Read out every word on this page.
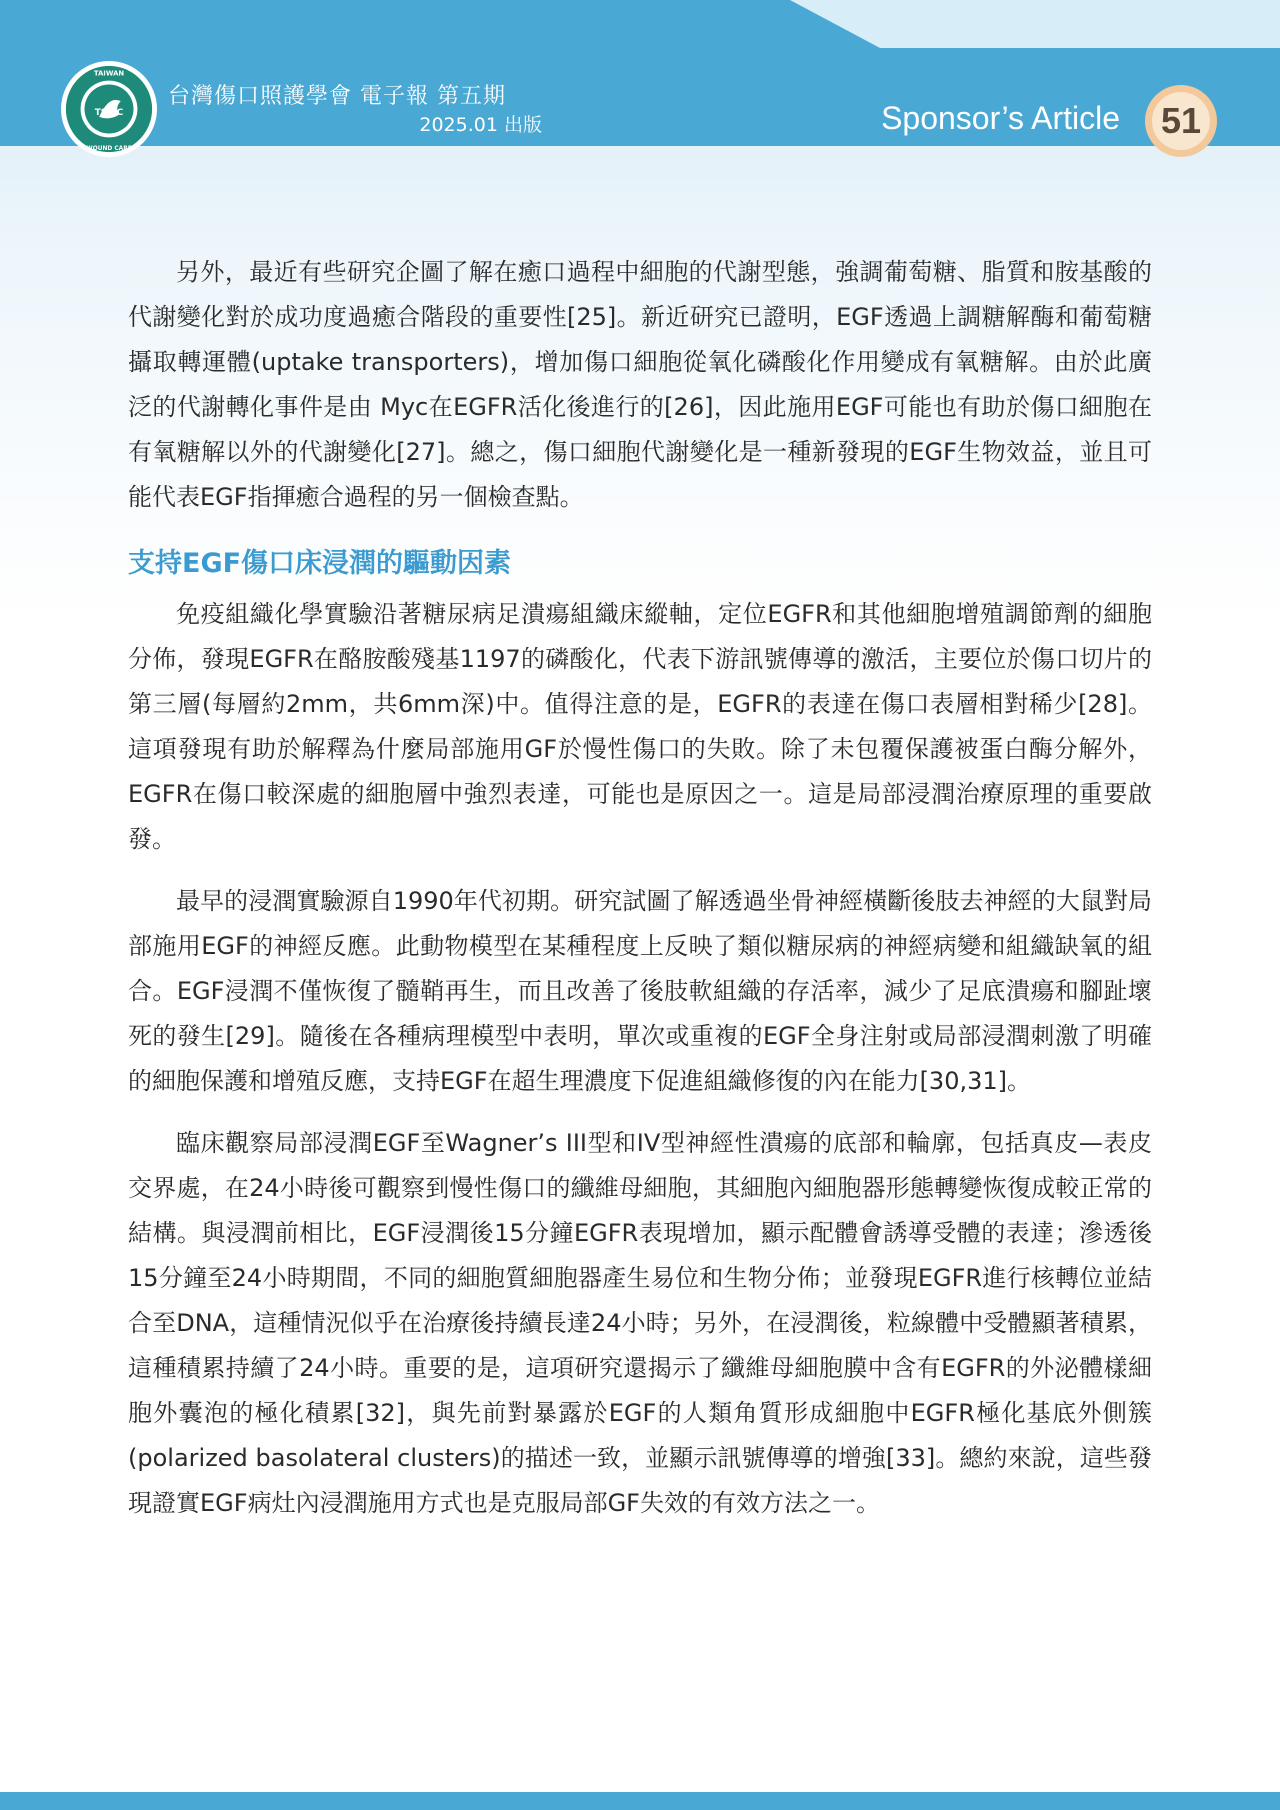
TSWC
TAIWAN
WOUND CARE
台灣傷口照護學會 電子報 第五期
2025.01 出版	Sponsor’s Article	51

另外，最近有些研究企圖了解在癒口過程中細胞的代謝型態，強調葡萄糖、脂質和胺基酸的代謝變化對於成功度過癒合階段的重要性[25]。新近研究已證明，EGF透過上調糖解酶和葡萄糖攝取轉運體(uptake transporters)，增加傷口細胞從氧化磷酸化作用變成有氧糖解。由於此廣泛的代謝轉化事件是由 Myc在EGFR活化後進行的[26]，因此施用EGF可能也有助於傷口細胞在有氧糖解以外的代謝變化[27]。總之，傷口細胞代謝變化是一種新發現的EGF生物效益，並且可能代表EGF指揮癒合過程的另一個檢查點。

支持EGF傷口床浸潤的驅動因素

免疫組織化學實驗沿著糖尿病足潰瘍組織床縱軸，定位EGFR和其他細胞增殖調節劑的細胞分佈，發現EGFR在酪胺酸殘基1197的磷酸化，代表下游訊號傳導的激活，主要位於傷口切片的第三層(每層約2mm，共6mm深)中。值得注意的是，EGFR的表達在傷口表層相對稀少[28]。這項發現有助於解釋為什麼局部施用GF於慢性傷口的失敗。除了未包覆保護被蛋白酶分解外，EGFR在傷口較深處的細胞層中強烈表達，可能也是原因之一。這是局部浸潤治療原理的重要啟發。

最早的浸潤實驗源自1990年代初期。研究試圖了解透過坐骨神經橫斷後肢去神經的大鼠對局部施用EGF的神經反應。此動物模型在某種程度上反映了類似糖尿病的神經病變和組織缺氧的組合。EGF浸潤不僅恢復了髓鞘再生，而且改善了後肢軟組織的存活率，減少了足底潰瘍和腳趾壞死的發生[29]。隨後在各種病理模型中表明，單次或重複的EGF全身注射或局部浸潤刺激了明確的細胞保護和增殖反應，支持EGF在超生理濃度下促進組織修復的內在能力[30,31]。

臨床觀察局部浸潤EGF至Wagner’s III型和IV型神經性潰瘍的底部和輪廓，包括真皮—表皮交界處，在24小時後可觀察到慢性傷口的纖維母細胞，其細胞內細胞器形態轉變恢復成較正常的結構。與浸潤前相比，EGF浸潤後15分鐘EGFR表現增加，顯示配體會誘導受體的表達；滲透後15分鐘至24小時期間，不同的細胞質細胞器產生易位和生物分佈；並發現EGFR進行核轉位並結合至DNA，這種情況似乎在治療後持續長達24小時；另外，在浸潤後，粒線體中受體顯著積累，這種積累持續了24小時。重要的是，這項研究還揭示了纖維母細胞膜中含有EGFR的外泌體樣細胞外囊泡的極化積累[32]，與先前對暴露於EGF的人類角質形成細胞中EGFR極化基底外側簇(polarized basolateral clusters)的描述一致，並顯示訊號傳導的增強[33]。總約來說，這些發現證實EGF病灶內浸潤施用方式也是克服局部GF失效的有效方法之一。
